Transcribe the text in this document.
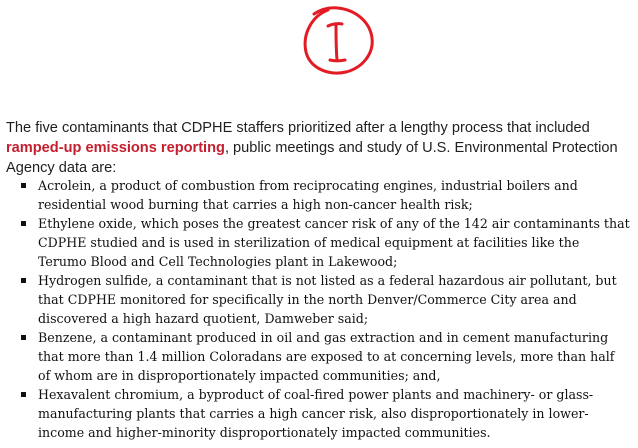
The five contaminants that CDPHE staffers prioritized after a lengthy process that included ramped-up emissions reporting, public meetings and study of U.S. Environmental Protection Agency data are:

Acrolein, a product of combustion from reciprocating engines, industrial boilers and residential wood burning that carries a high non-cancer health risk;
Ethylene oxide, which poses the greatest cancer risk of any of the 142 air contaminants that CDPHE studied and is used in sterilization of medical equipment at facilities like the Terumo Blood and Cell Technologies plant in Lakewood;
Hydrogen sulfide, a contaminant that is not listed as a federal hazardous air pollutant, but that CDPHE monitored for specifically in the north Denver/Commerce City area and discovered a high hazard quotient, Damweber said;
Benzene, a contaminant produced in oil and gas extraction and in cement manufacturing that more than 1.4 million Coloradans are exposed to at concerning levels, more than half of whom are in disproportionately impacted communities; and,
Hexavalent chromium, a byproduct of coal-fired power plants and machinery- or glass-manufacturing plants that carries a high cancer risk, also disproportionately in lower-income and higher-minority disproportionately impacted communities.
